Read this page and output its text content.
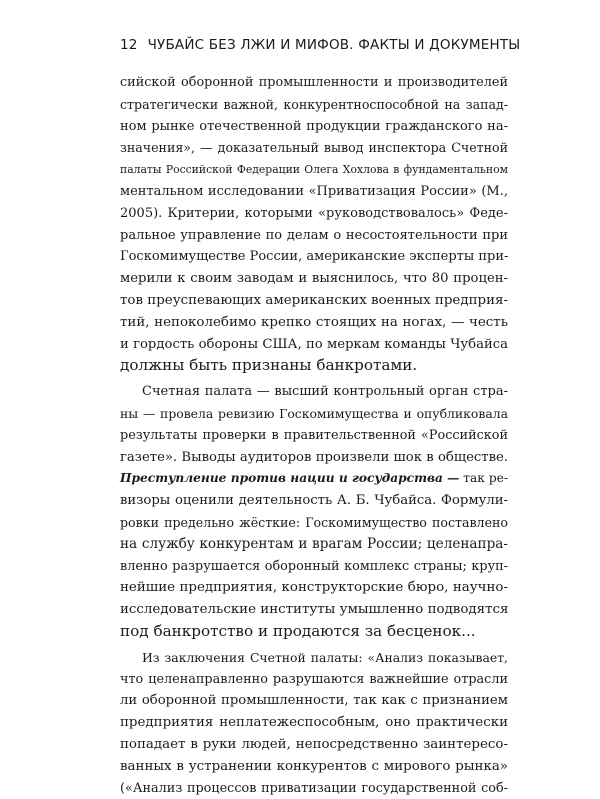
12 ЧУБАЙС БЕЗ ЛЖИ И МИФОВ. ФАКТЫ И ДОКУМЕНТЫ
сийской оборонной промышленности и производителей
стратегически важной, конкурентноспособной на запад-
ном рынке отечественной продукции гражданского на-
значения», — доказательный вывод инспектора Счетной
палаты Российской Федерации Олега Хохлова в фундаментальном
ментальном исследовании «Приватизация России» (М.,
2005). Критерии, которыми «руководствовалось» Феде-
ральное управление по делам о несостоятельности при
Госкомимуществе России, американские эксперты при-
мерили к своим заводам и выяснилось, что 80 процен-
тов преуспевающих американских военных предприя-
тий, непоколебимо крепко стоящих на ногах, — честь
и гордость обороны США, по меркам команды Чубайса
должны быть признаны банкротами.
Счетная палата — высший контрольный орган стра-
ны — провела ревизию Госкомимущества и опубликовала
результаты проверки в правительственной «Российской
газете». Выводы аудиторов произвели шок в обществе.
Преступление против нации и государства — так ре-
визоры оценили деятельность А. Б. Чубайса. Формули-
ровки предельно жёсткие: Госкомимущество поставлено
на службу конкурентам и врагам России; целенапра-
вленно разрушается оборонный комплекс страны; круп-
нейшие предприятия, конструкторские бюро, научно-
исследовательские институты умышленно подводятся
под банкротство и продаются за бесценок...
Из заключения Счетной палаты: «Анализ показывает,
что целенаправленно разрушаются важнейшие отрасли
ли оборонной промышленности, так как с признанием
предприятия неплатежеспособным, оно практически
попадает в руки людей, непосредственно заинтересо-
ванных в устранении конкурентов с мирового рынка»
(«Анализ процессов приватизации государственной соб-
